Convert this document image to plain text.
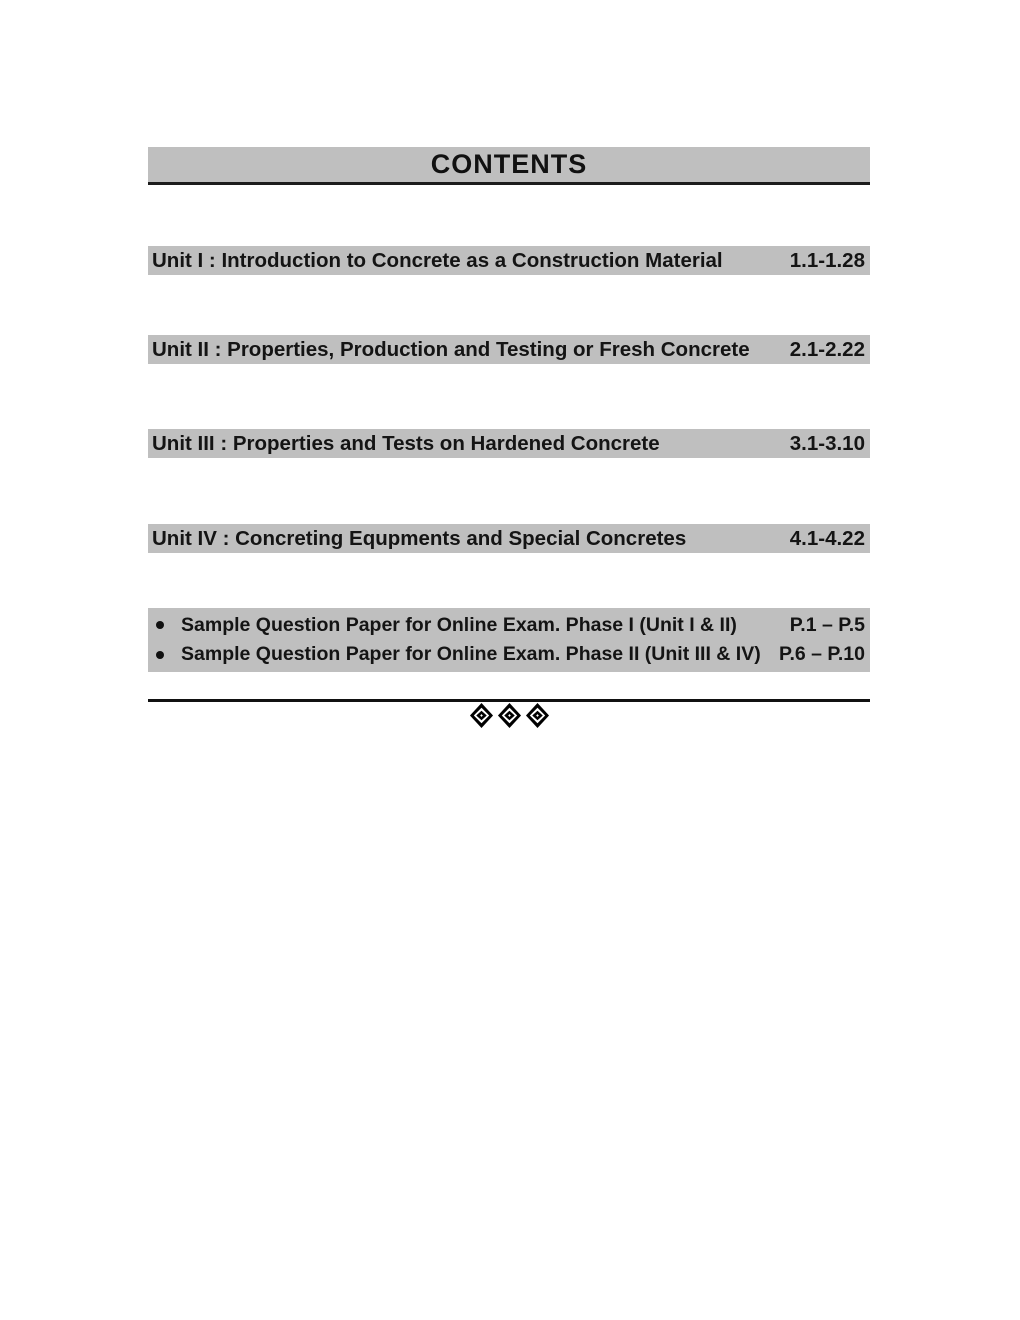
CONTENTS
Unit I : Introduction to Concrete as a Construction Material	1.1-1.28
Unit II : Properties, Production and Testing or Fresh Concrete	2.1-2.22
Unit III : Properties and Tests on Hardened Concrete	3.1-3.10
Unit IV : Concreting Equpments and Special Concretes	4.1-4.22
Sample Question Paper for Online Exam. Phase I (Unit I & II)	P.1 – P.5
Sample Question Paper for Online Exam. Phase II (Unit III & IV) P.6 – P.10
